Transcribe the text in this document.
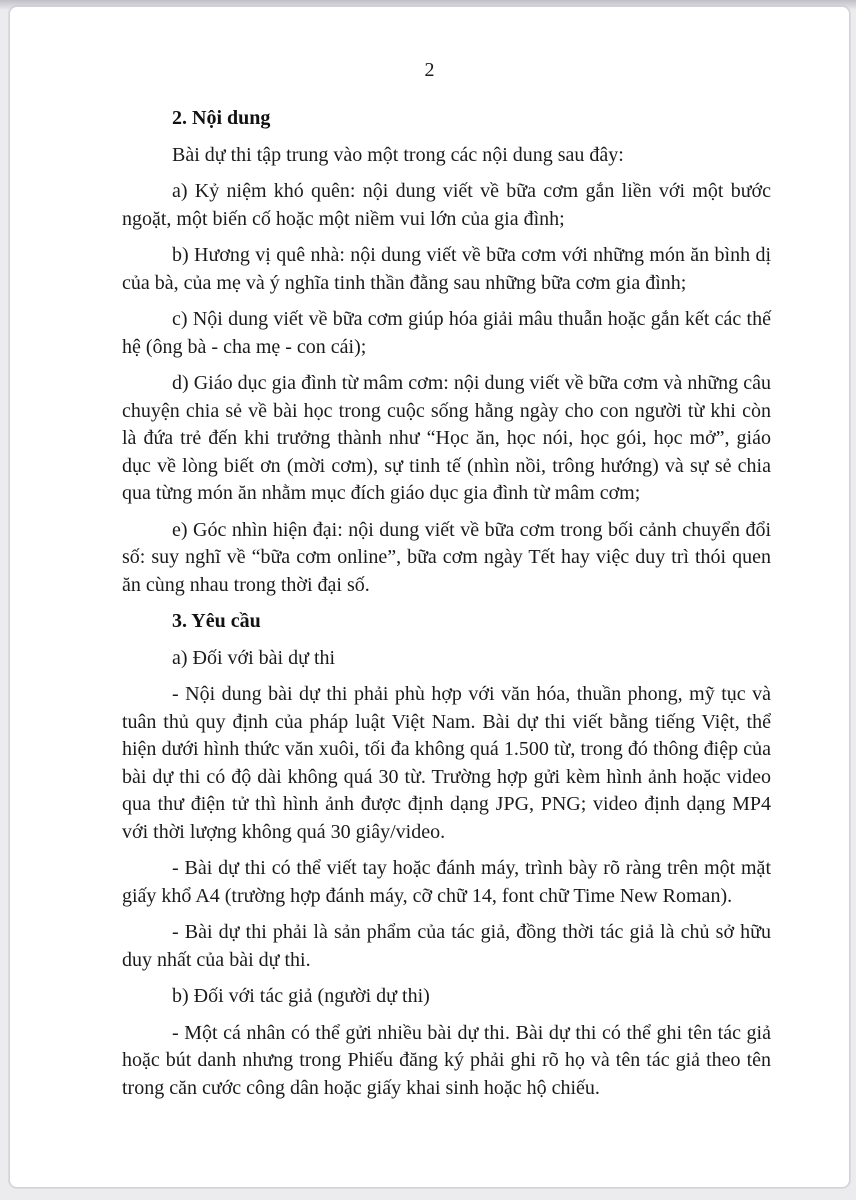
2

2. Nội dung

Bài dự thi tập trung vào một trong các nội dung sau đây:

a) Kỷ niệm khó quên: nội dung viết về bữa cơm gắn liền với một bước ngoặt, một biến cố hoặc một niềm vui lớn của gia đình;

b) Hương vị quê nhà: nội dung viết về bữa cơm với những món ăn bình dị của bà, của mẹ và ý nghĩa tinh thần đằng sau những bữa cơm gia đình;

c) Nội dung viết về bữa cơm giúp hóa giải mâu thuẫn hoặc gắn kết các thế hệ (ông bà - cha mẹ - con cái);

d) Giáo dục gia đình từ mâm cơm: nội dung viết về bữa cơm và những câu chuyện chia sẻ về bài học trong cuộc sống hằng ngày cho con người từ khi còn là đứa trẻ đến khi trưởng thành như “Học ăn, học nói, học gói, học mở”, giáo dục về lòng biết ơn (mời cơm), sự tinh tế (nhìn nồi, trông hướng) và sự sẻ chia qua từng món ăn nhằm mục đích giáo dục gia đình từ mâm cơm;

e) Góc nhìn hiện đại: nội dung viết về bữa cơm trong bối cảnh chuyển đổi số: suy nghĩ về “bữa cơm online”, bữa cơm ngày Tết hay việc duy trì thói quen ăn cùng nhau trong thời đại số.

3. Yêu cầu

a) Đối với bài dự thi

- Nội dung bài dự thi phải phù hợp với văn hóa, thuần phong, mỹ tục và tuân thủ quy định của pháp luật Việt Nam. Bài dự thi viết bằng tiếng Việt, thể hiện dưới hình thức văn xuôi, tối đa không quá 1.500 từ, trong đó thông điệp của bài dự thi có độ dài không quá 30 từ. Trường hợp gửi kèm hình ảnh hoặc video qua thư điện tử thì hình ảnh được định dạng JPG, PNG; video định dạng MP4 với thời lượng không quá 30 giây/video.

- Bài dự thi có thể viết tay hoặc đánh máy, trình bày rõ ràng trên một mặt giấy khổ A4 (trường hợp đánh máy, cỡ chữ 14, font chữ Time New Roman).

- Bài dự thi phải là sản phẩm của tác giả, đồng thời tác giả là chủ sở hữu duy nhất của bài dự thi.

b) Đối với tác giả (người dự thi)

- Một cá nhân có thể gửi nhiều bài dự thi. Bài dự thi có thể ghi tên tác giả hoặc bút danh nhưng trong Phiếu đăng ký phải ghi rõ họ và tên tác giả theo tên trong căn cước công dân hoặc giấy khai sinh hoặc hộ chiếu.
